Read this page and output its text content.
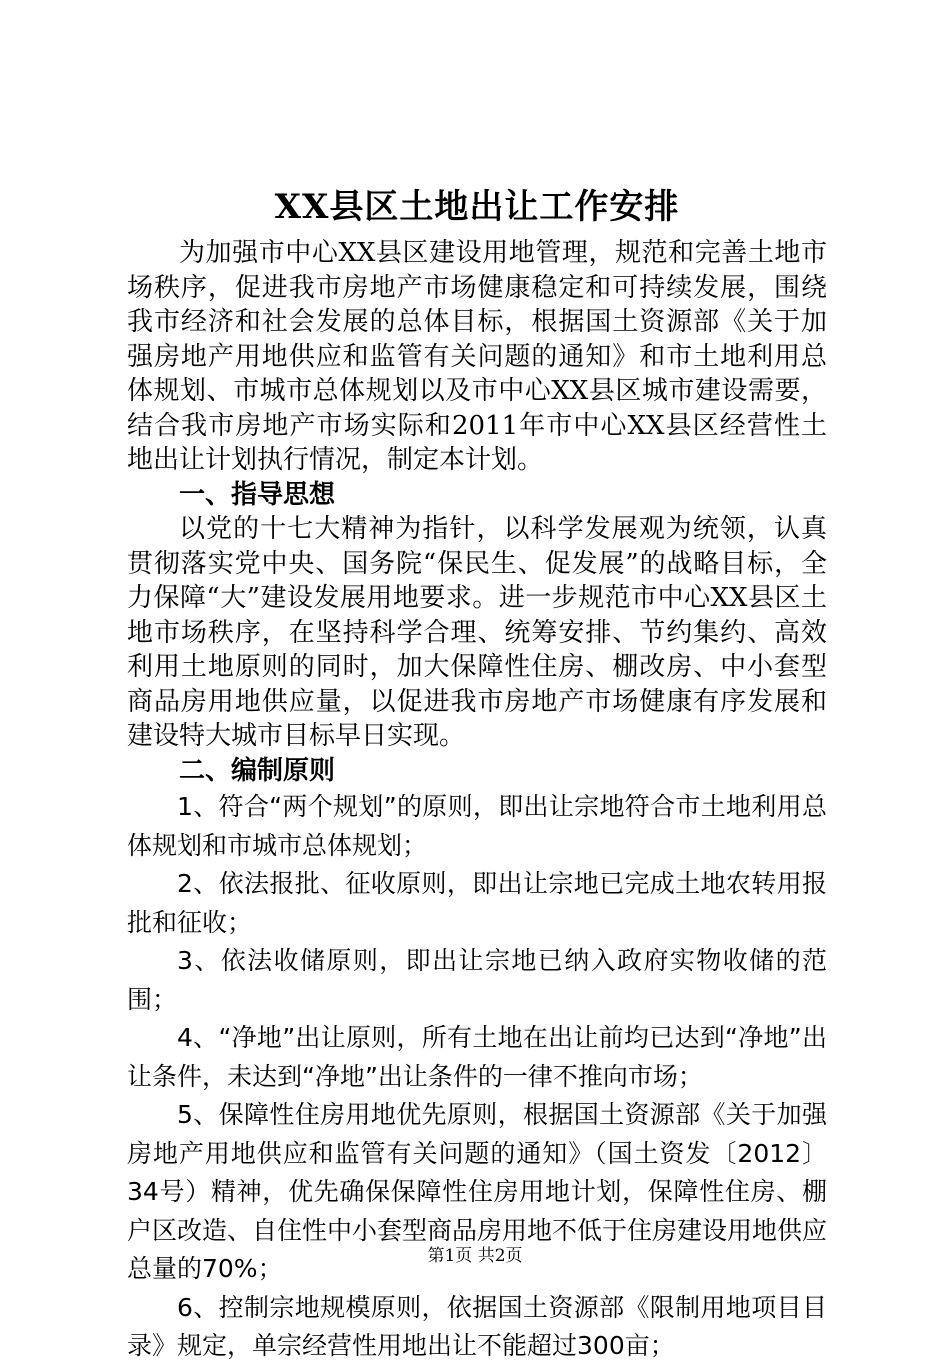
XX县区土地出让工作安排

为加强市中心XX县区建设用地管理，规范和完善土地市场秩序，促进我市房地产市场健康稳定和可持续发展，围绕我市经济和社会发展的总体目标，根据国土资源部《关于加强房地产用地供应和监管有关问题的通知》和市土地利用总体规划、市城市总体规划以及市中心XX县区城市建设需要，结合我市房地产市场实际和2011年市中心XX县区经营性土地出让计划执行情况，制定本计划。

一、指导思想

以党的十七大精神为指针，以科学发展观为统领，认真贯彻落实党中央、国务院“保民生、促发展”的战略目标，全力保障“大”建设发展用地要求。进一步规范市中心XX县区土地市场秩序，在坚持科学合理、统筹安排、节约集约、高效利用土地原则的同时，加大保障性住房、棚改房、中小套型商品房用地供应量，以促进我市房地产市场健康有序发展和建设特大城市目标早日实现。

二、编制原则

1、符合“两个规划”的原则，即出让宗地符合市土地利用总体规划和市城市总体规划；

2、依法报批、征收原则，即出让宗地已完成土地农转用报批和征收；

3、依法收储原则，即出让宗地已纳入政府实物收储的范围；

4、“净地”出让原则，所有土地在出让前均已达到“净地”出让条件，未达到“净地”出让条件的一律不推向市场；

5、保障性住房用地优先原则，根据国土资源部《关于加强房地产用地供应和监管有关问题的通知》（国土资发〔2012〕34号）精神，优先确保保障性住房用地计划，保障性住房、棚户区改造、自住性中小套型商品房用地不低于住房建设用地供应总量的70%；

6、控制宗地规模原则，依据国土资源部《限制用地项目目录》规定，单宗经营性用地出让不能超过300亩；

第1页 共2页
